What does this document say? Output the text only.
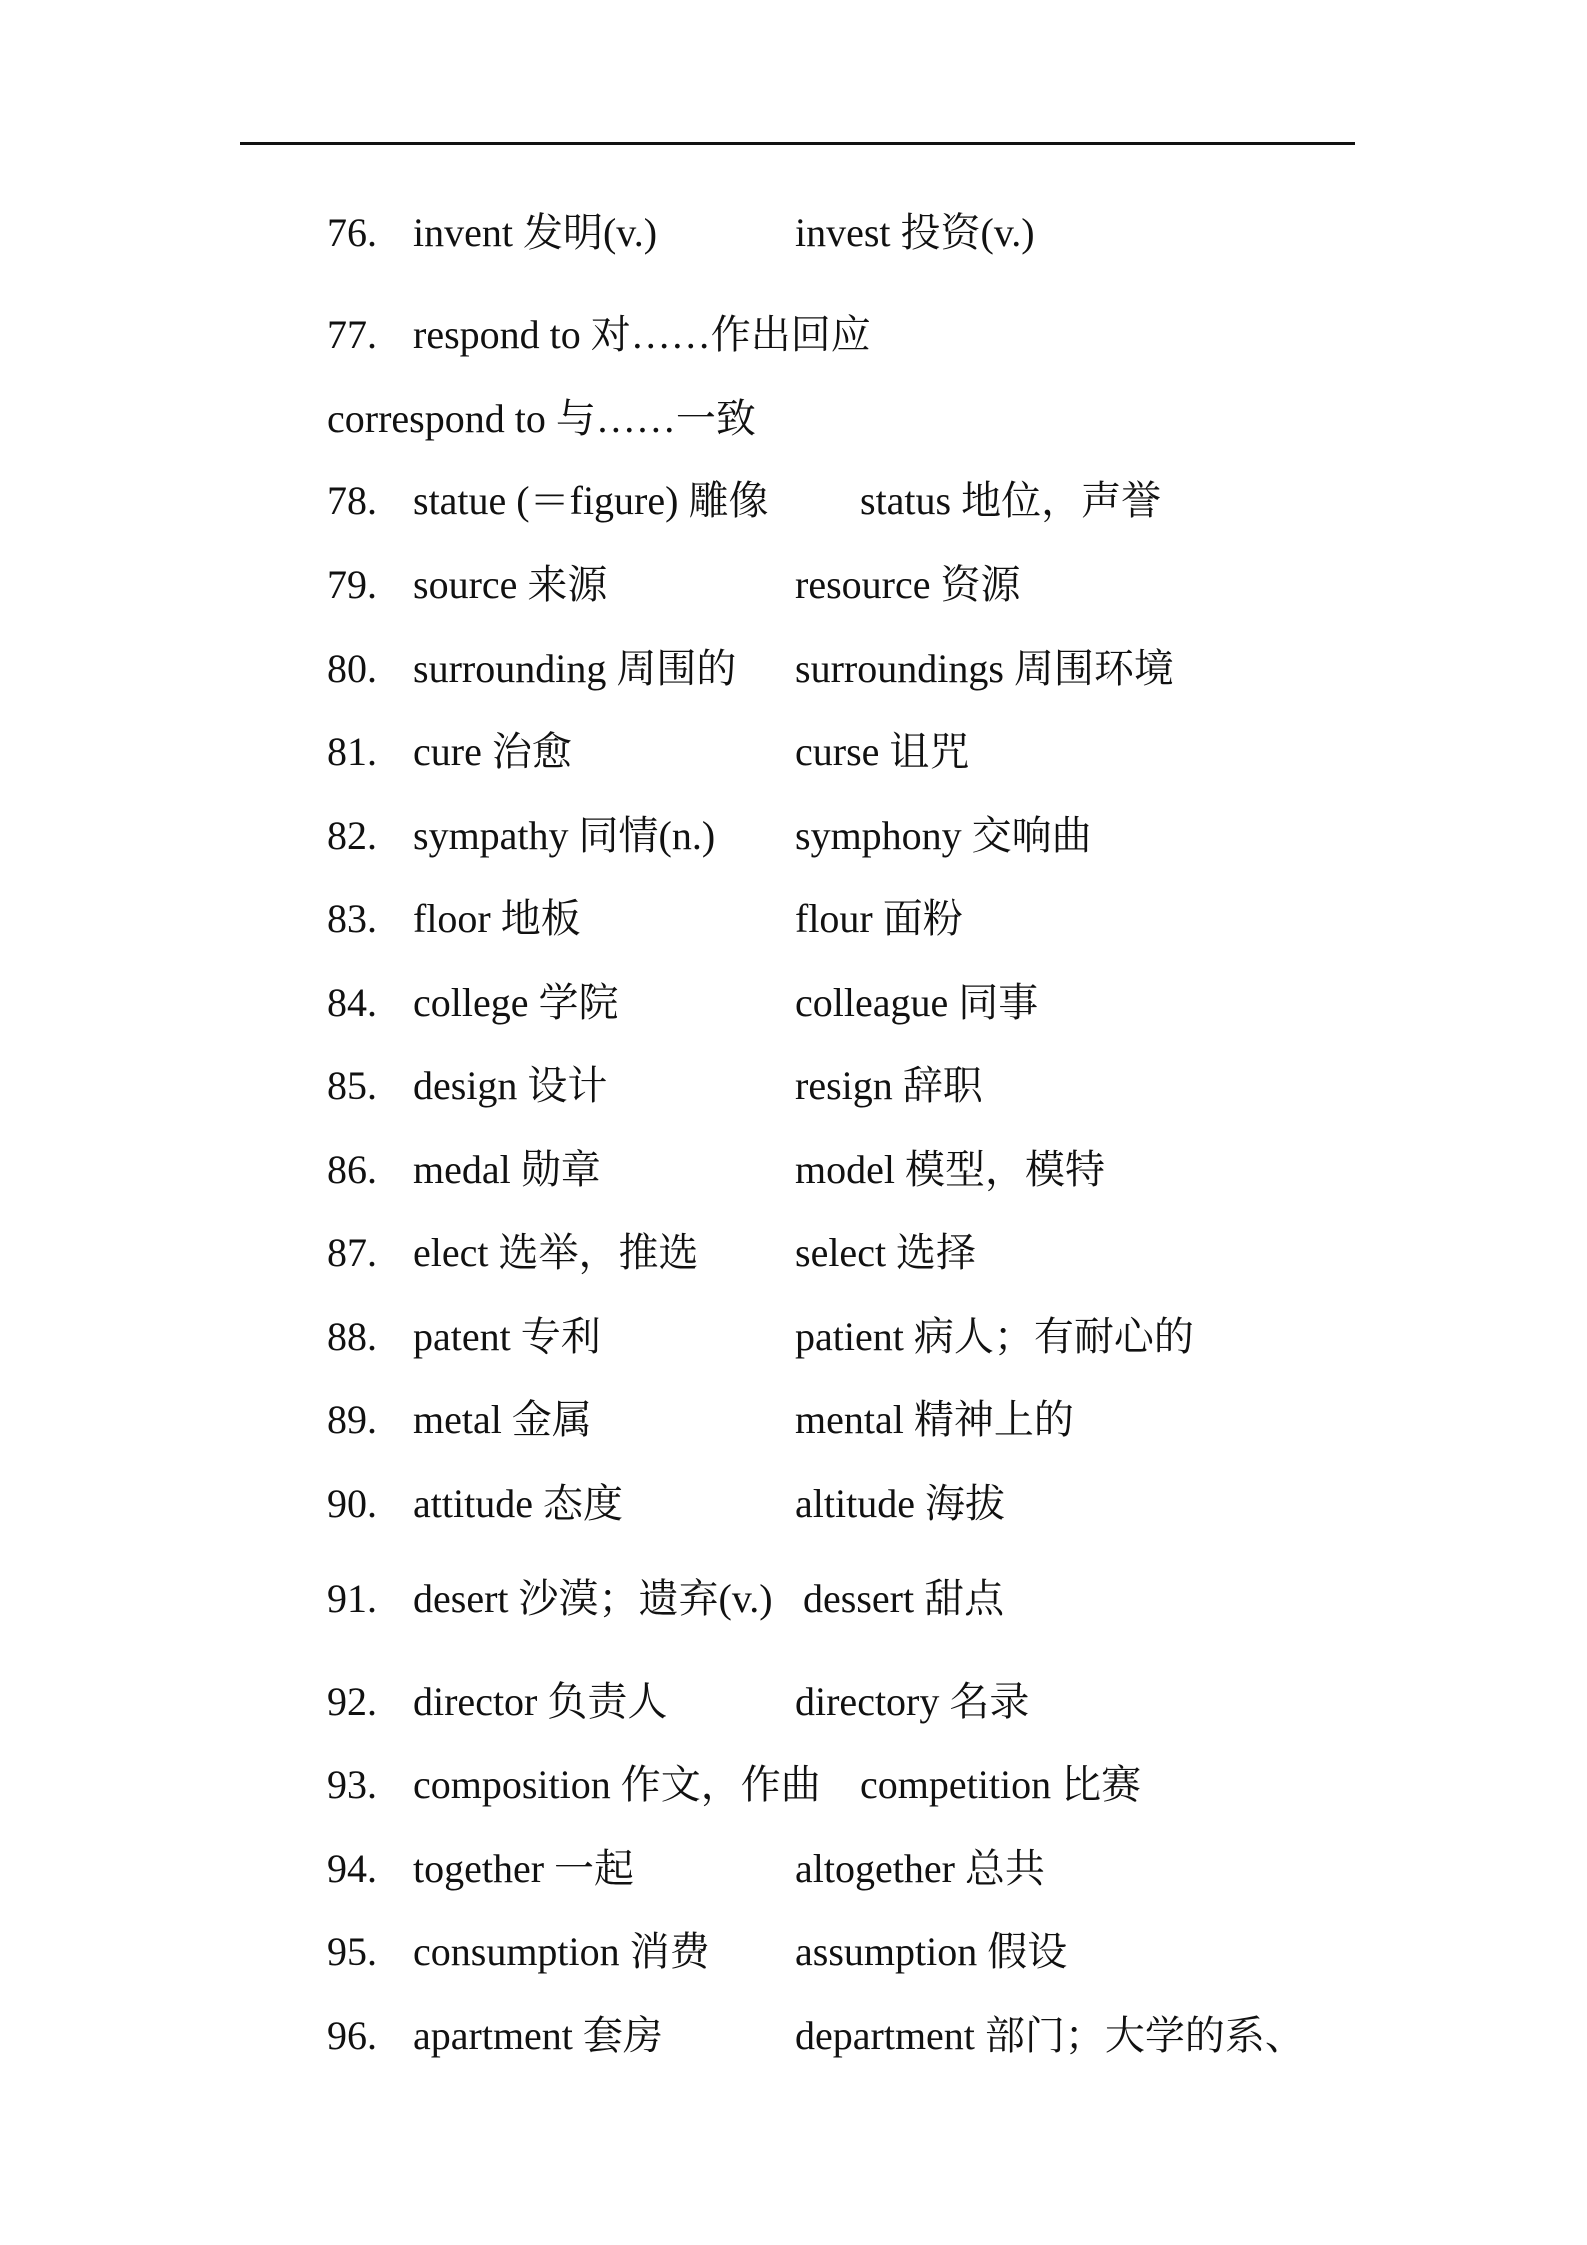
76. invent 发明(v.)	invest 投资(v.)
77. respond to 对……作出回应
correspond to 与……一致
78. statue (＝figure) 雕像 status 地位，声誉
79. source 来源	resource 资源
80. surrounding 周围的 surroundings 周围环境
81. cure 治愈	curse 诅咒
82. sympathy 同情(n.) symphony 交响曲
83. floor 地板	flour 面粉
84. college 学院	colleague 同事
85. design 设计	resign 辞职
86. medal 勋章	model 模型，模特
87. elect 选举，推选 select 选择
88. patent 专利	patient 病人；有耐心的
89. metal 金属	mental 精神上的
90. attitude 态度	altitude 海拔
91. desert 沙漠；遗弃(v.) dessert 甜点
92. director 负责人	directory 名录
93. composition 作文，作曲 competition 比赛
94. together 一起	altogether 总共
95. consumption 消费 assumption 假设
96. apartment 套房	department 部门；大学的系、
